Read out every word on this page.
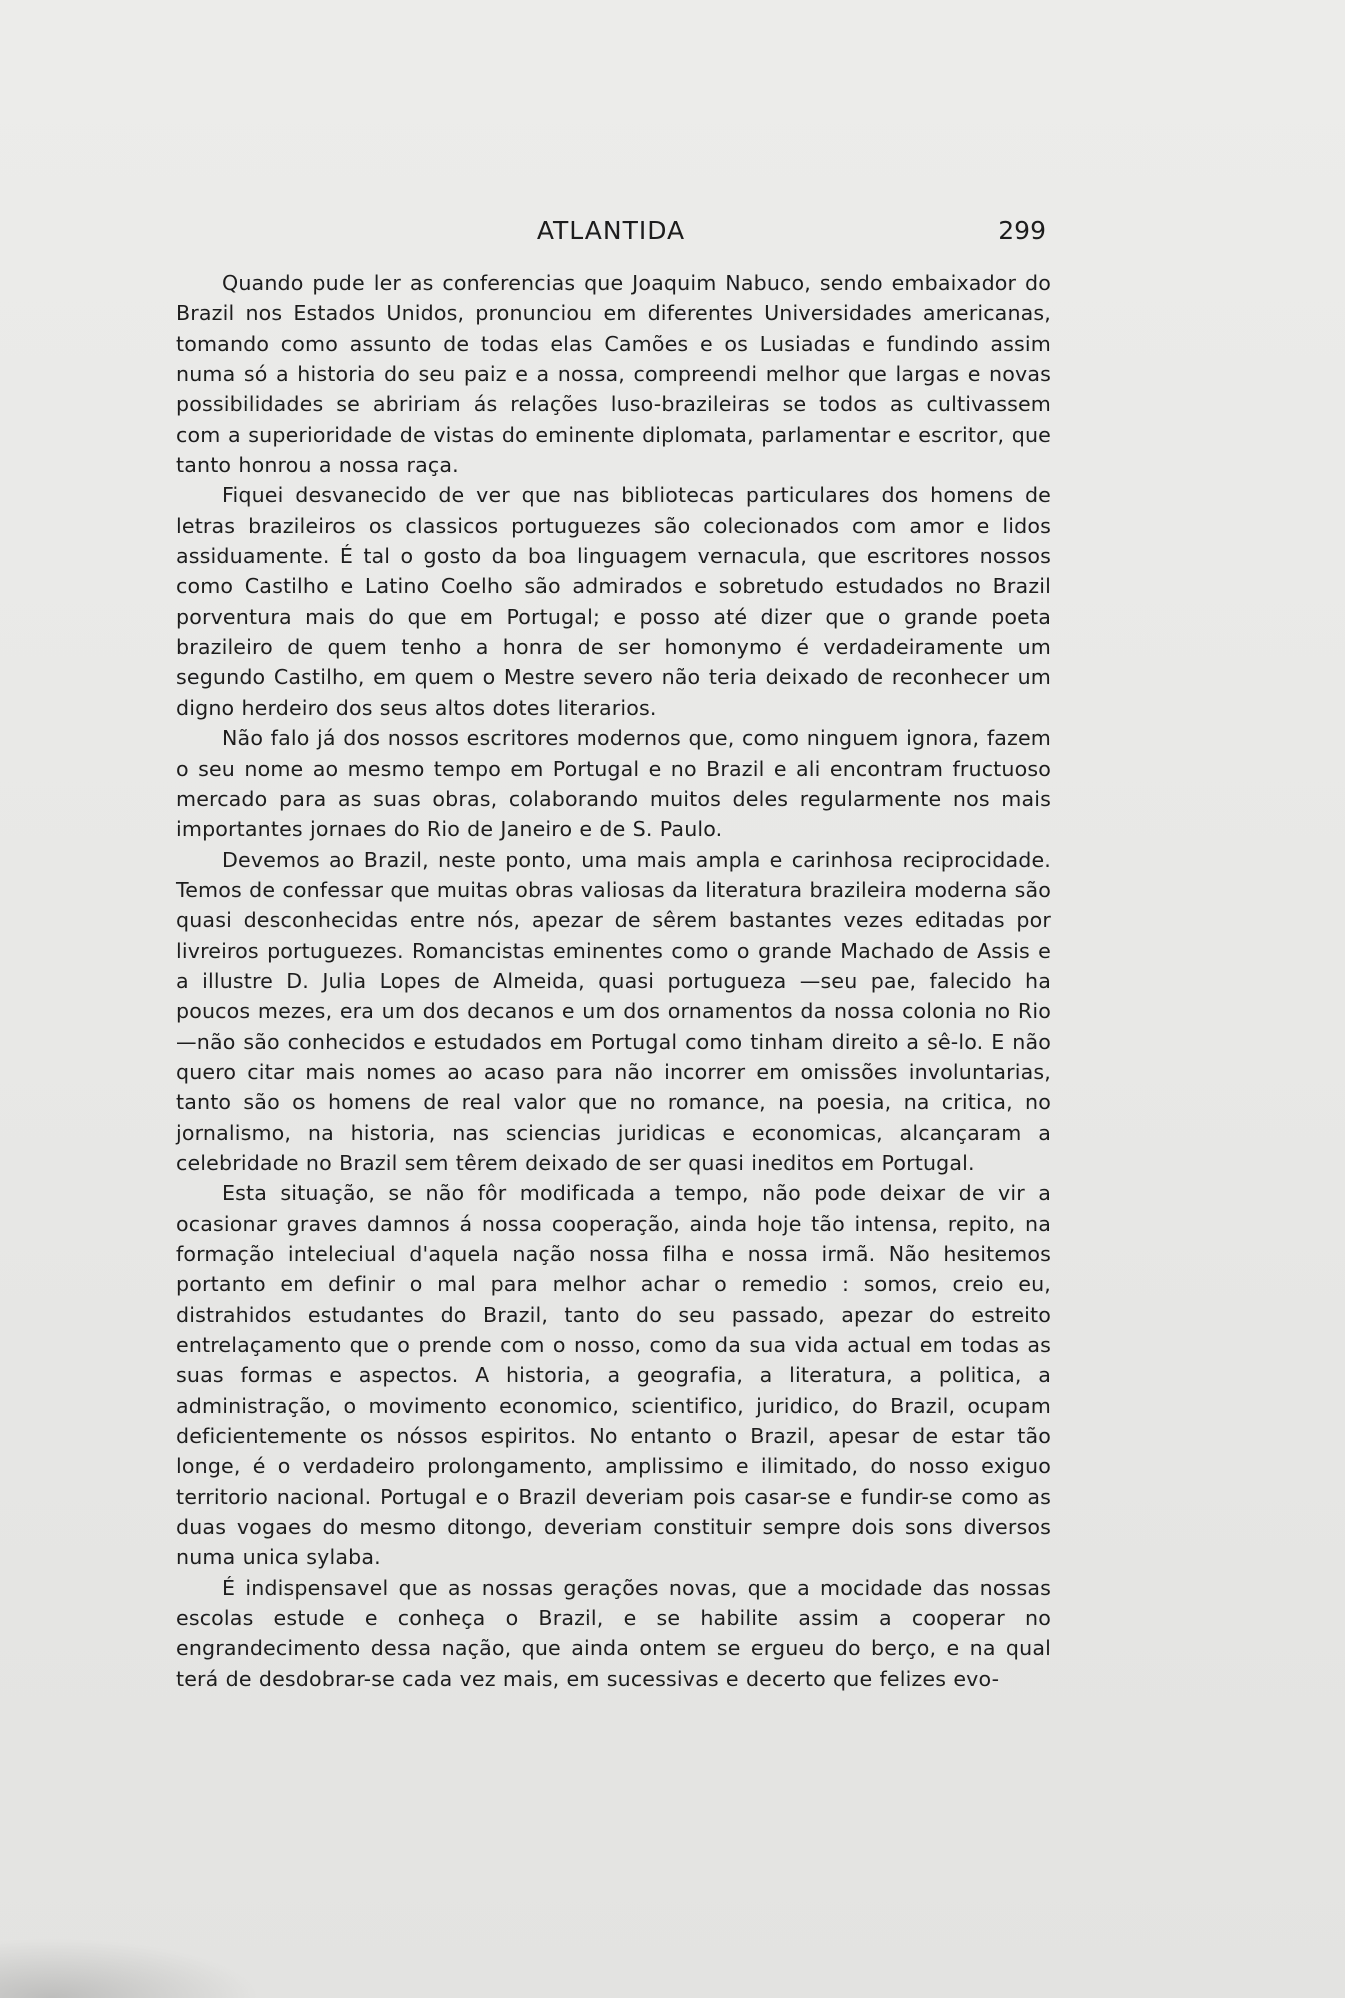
ATLANTIDA	299

Quando pude ler as conferencias que Joaquim Nabuco, sendo embaixador do Brazil nos Estados Unidos, pronunciou em diferentes Universidades americanas, tomando como assunto de todas elas Camões e os Lusiadas e fundindo assim numa só a historia do seu paiz e a nossa, compreendi melhor que largas e novas possibilidades se abririam ás relações luso-brazileiras se todos as cultivassem com a superioridade de vistas do eminente diplomata, parlamentar e escritor, que tanto honrou a nossa raça.

Fiquei desvanecido de ver que nas bibliotecas particulares dos homens de letras brazileiros os classicos portuguezes são colecionados com amor e lidos assiduamente. É tal o gosto da boa linguagem vernacula, que escritores nossos como Castilho e Latino Coelho são admirados e sobretudo estudados no Brazil porventura mais do que em Portugal; e posso até dizer que o grande poeta brazileiro de quem tenho a honra de ser homonymo é verdadeiramente um segundo Castilho, em quem o Mestre severo não teria deixado de reconhecer um digno herdeiro dos seus altos dotes literarios.

Não falo já dos nossos escritores modernos que, como ninguem ignora, fazem o seu nome ao mesmo tempo em Portugal e no Brazil e ali encontram fructuoso mercado para as suas obras, colaborando muitos deles regularmente nos mais importantes jornaes do Rio de Janeiro e de S. Paulo.

Devemos ao Brazil, neste ponto, uma mais ampla e carinhosa reciprocidade. Temos de confessar que muitas obras valiosas da literatura brazileira moderna são quasi desconhecidas entre nós, apezar de sêrem bastantes vezes editadas por livreiros portuguezes. Romancistas eminentes como o grande Machado de Assis e a illustre D. Julia Lopes de Almeida, quasi portugueza —seu pae, falecido ha poucos mezes, era um dos decanos e um dos ornamentos da nossa colonia no Rio —não são conhecidos e estudados em Portugal como tinham direito a sê-lo. E não quero citar mais nomes ao acaso para não incorrer em omissões involuntarias, tanto são os homens de real valor que no romance, na poesia, na critica, no jornalismo, na historia, nas sciencias juridicas e economicas, alcançaram a celebridade no Brazil sem têrem deixado de ser quasi ineditos em Portugal.

Esta situação, se não fôr modificada a tempo, não pode deixar de vir a ocasionar graves damnos á nossa cooperação, ainda hoje tão intensa, repito, na formação inteleciual d'aquela nação nossa filha e nossa irmã. Não hesitemos portanto em definir o mal para melhor achar o remedio : somos, creio eu, distrahidos estudantes do Brazil, tanto do seu passado, apezar do estreito entrelaçamento que o prende com o nosso, como da sua vida actual em todas as suas formas e aspectos. A historia, a geografia, a literatura, a politica, a administração, o movimento economico, scientifico, juridico, do Brazil, ocupam deficientemente os nóssos espiritos. No entanto o Brazil, apesar de estar tão longe, é o verdadeiro prolongamento, amplissimo e ilimitado, do nosso exiguo territorio nacional. Portugal e o Brazil deveriam pois casar-se e fundir-se como as duas vogaes do mesmo ditongo, deveriam constituir sempre dois sons diversos numa unica sylaba.

É indispensavel que as nossas gerações novas, que a mocidade das nossas escolas estude e conheça o Brazil, e se habilite assim a cooperar no engrandecimento dessa nação, que ainda ontem se ergueu do berço, e na qual terá de desdobrar-se cada vez mais, em sucessivas e decerto que felizes evo-
